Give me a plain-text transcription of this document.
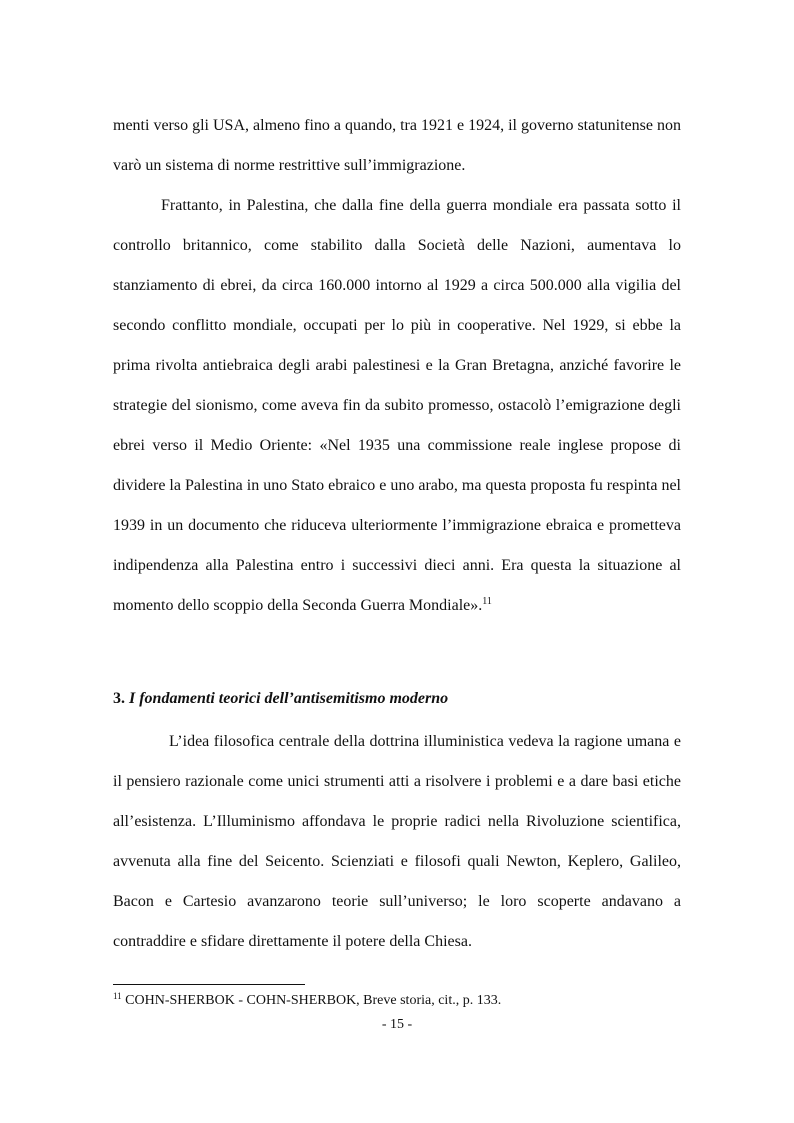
menti verso gli USA, almeno fino a quando, tra 1921 e 1924, il governo statunitense non varò un sistema di norme restrittive sull’immigrazione.

Frattanto, in Palestina, che dalla fine della guerra mondiale era passata sotto il controllo britannico, come stabilito dalla Società delle Nazioni, aumentava lo stanziamento di ebrei, da circa 160.000 intorno al 1929 a circa 500.000 alla vigilia del secondo conflitto mondiale, occupati per lo più in cooperative. Nel 1929, si ebbe la prima rivolta antiebraica degli arabi palestinesi e la Gran Bretagna, anziché favorire le strategie del sionismo, come aveva fin da subito promesso, ostacolò l’emigrazione degli ebrei verso il Medio Oriente: «Nel 1935 una commissione reale inglese propose di dividere la Palestina in uno Stato ebraico e uno arabo, ma questa proposta fu respinta nel 1939 in un documento che riduceva ulteriormente l’immigrazione ebraica e prometteva indipendenza alla Palestina entro i successivi dieci anni. Era questa la situazione al momento dello scoppio della Seconda Guerra Mondiale».$^{11}$

3. I fondamenti teorici dell’antisemitismo moderno

L’idea filosofica centrale della dottrina illuministica vedeva la ragione umana e il pensiero razionale come unici strumenti atti a risolvere i problemi e a dare basi etiche all’esistenza. L’Illuminismo affondava le proprie radici nella Rivoluzione scientifica, avvenuta alla fine del Seicento. Scienziati e filosofi quali Newton, Keplero, Galileo, Bacon e Cartesio avanzarono teorie sull’universo; le loro scoperte andavano a contraddire e sfidare direttamente il potere della Chiesa.

$^{11}$ COHN-SHERBOK - COHN-SHERBOK, Breve storia, cit., p. 133.
- 15 -
